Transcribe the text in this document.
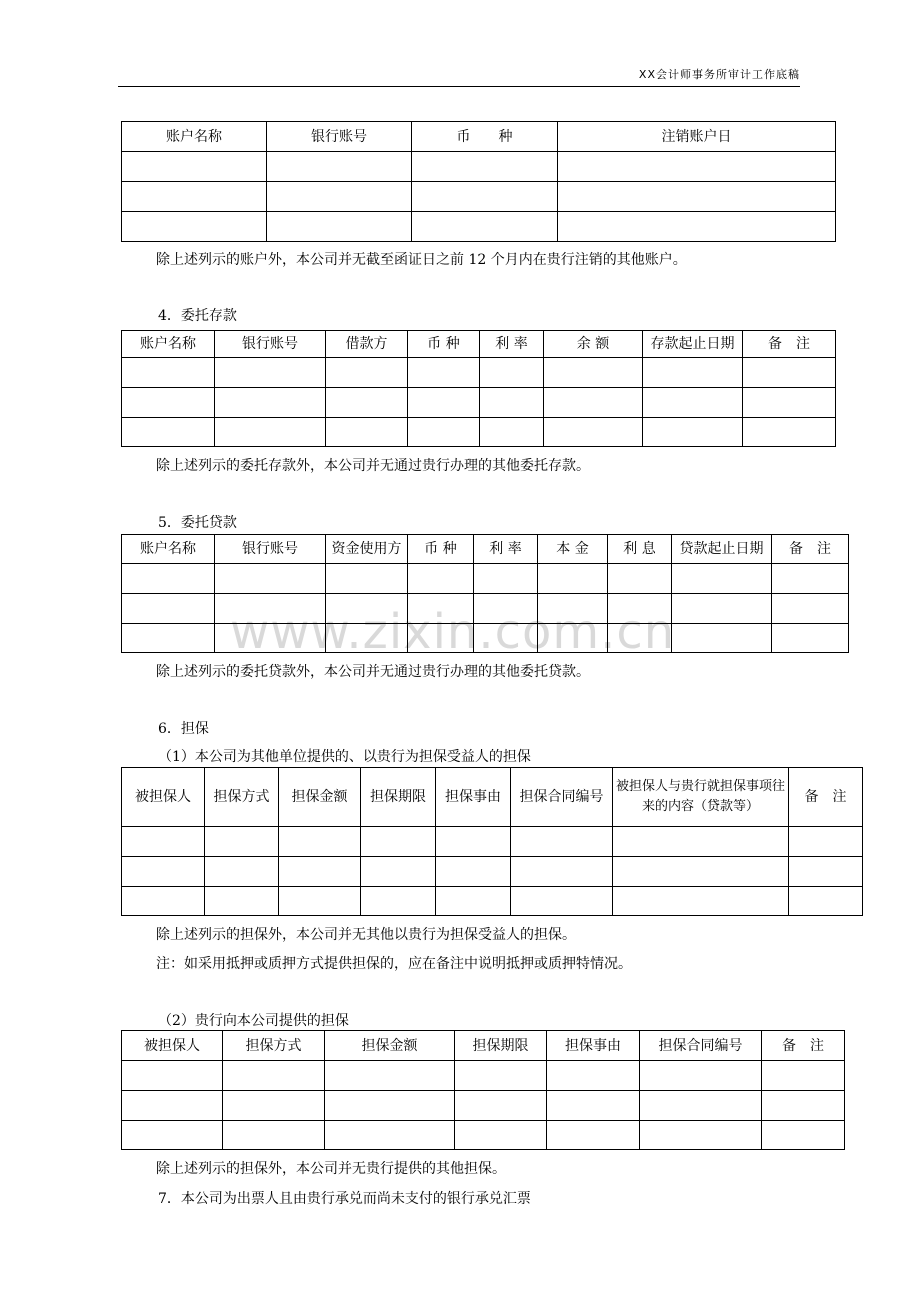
XX会计师事务所审计工作底稿
www.zixin.com.cn
账户名称	银行账号	币　　种	注销账户日

除上述列示的账户外，本公司并无截至函证日之前 12 个月内在贵行注销的其他账户。
4．委托存款
账户名称	银行账号	借款方	币 种	利 率	余 额	存款起止日期	备　注

除上述列示的委托存款外，本公司并无通过贵行办理的其他委托存款。
5．委托贷款
账户名称	银行账号	资金使用方	币 种	利 率	本 金	利 息	贷款起止日期	备　注

除上述列示的委托贷款外，本公司并无通过贵行办理的其他委托贷款。
6．担保
（1）本公司为其他单位提供的、以贵行为担保受益人的担保
被担保人	担保方式	担保金额	担保期限	担保事由	担保合同编号	被担保人与贵行就担保事项往来的内容（贷款等）	备　注

除上述列示的担保外，本公司并无其他以贵行为担保受益人的担保。
注：如采用抵押或质押方式提供担保的，应在备注中说明抵押或质押特情况。
（2）贵行向本公司提供的担保
被担保人	担保方式	担保金额	担保期限	担保事由	担保合同编号	备　注

除上述列示的担保外，本公司并无贵行提供的其他担保。
7．本公司为出票人且由贵行承兑而尚未支付的银行承兑汇票
